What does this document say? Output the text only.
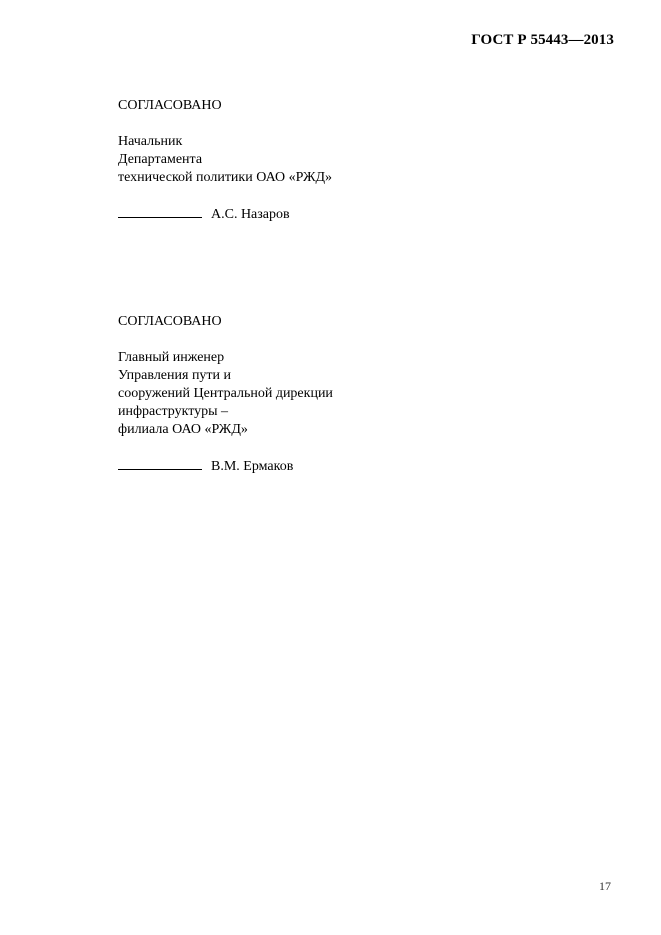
ГОСТ Р 55443—2013
СОГЛАСОВАНО
Начальник
Департамента
технической политики ОАО «РЖД»
А.С. Назаров
СОГЛАСОВАНО
Главный инженер
Управления пути и
сооружений Центральной дирекции
инфраструктуры –
филиала ОАО «РЖД»
В.М. Ермаков
17
